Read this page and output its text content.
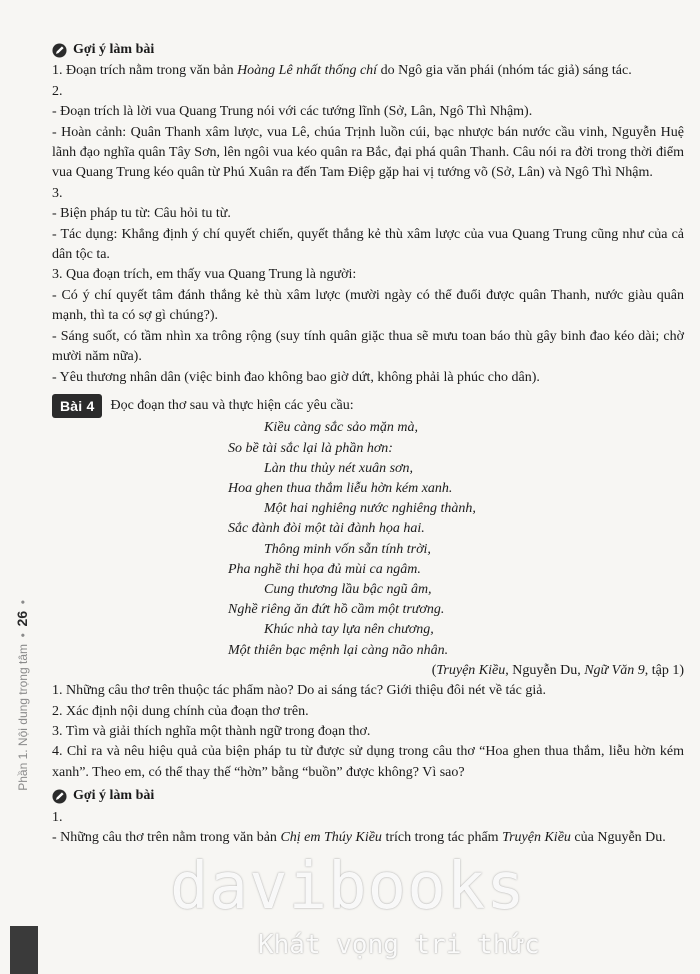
Gợi ý làm bài

1. Đoạn trích nằm trong văn bản Hoàng Lê nhất thống chí do Ngô gia văn phái (nhóm tác giả) sáng tác.

2.

- Đoạn trích là lời vua Quang Trung nói với các tướng lĩnh (Sở, Lân, Ngô Thì Nhậm).

- Hoàn cảnh: Quân Thanh xâm lược, vua Lê, chúa Trịnh luồn cúi, bạc nhược bán nước cầu vinh, Nguyễn Huệ lãnh đạo nghĩa quân Tây Sơn, lên ngôi vua kéo quân ra Bắc, đại phá quân Thanh. Câu nói ra đời trong thời điểm vua Quang Trung kéo quân từ Phú Xuân ra đến Tam Điệp gặp hai vị tướng võ (Sở, Lân) và Ngô Thì Nhậm.

3.

- Biện pháp tu từ: Câu hỏi tu từ.

- Tác dụng: Khẳng định ý chí quyết chiến, quyết thắng kẻ thù xâm lược của vua Quang Trung cũng như của cả dân tộc ta.

3. Qua đoạn trích, em thấy vua Quang Trung là người:

- Có ý chí quyết tâm đánh thắng kẻ thù xâm lược (mười ngày có thể đuổi được quân Thanh, nước giàu quân mạnh, thì ta có sợ gì chúng?).

- Sáng suốt, có tầm nhìn xa trông rộng (suy tính quân giặc thua sẽ mưu toan báo thù gây binh đao kéo dài; chờ mười năm nữa).

- Yêu thương nhân dân (việc binh đao không bao giờ dứt, không phải là phúc cho dân).

Bài 4	Đọc đoạn thơ sau và thực hiện các yêu cầu:
Kiều càng sắc sảo mặn mà,
So bề tài sắc lại là phần hơn:
Làn thu thủy nét xuân sơn,
Hoa ghen thua thắm liễu hờn kém xanh.
Một hai nghiêng nước nghiêng thành,
Sắc đành đòi một tài đành họa hai.
Thông minh vốn sẵn tính trời,
Pha nghề thi họa đủ mùi ca ngâm.
Cung thương lầu bậc ngũ âm,
Nghề riêng ăn đứt hồ cầm một trương.
Khúc nhà tay lựa nên chương,
Một thiên bạc mệnh lại càng não nhân.

(Truyện Kiều, Nguyễn Du, Ngữ Văn 9, tập 1)

1. Những câu thơ trên thuộc tác phẩm nào? Do ai sáng tác? Giới thiệu đôi nét về tác giả.

2. Xác định nội dung chính của đoạn thơ trên.

3. Tìm và giải thích nghĩa một thành ngữ trong đoạn thơ.

4. Chỉ ra và nêu hiệu quả của biện pháp tu từ được sử dụng trong câu thơ “Hoa ghen thua thắm, liễu hờn kém xanh”. Theo em, có thể thay thế “hờn” bằng “buồn” được không? Vì sao?

Gợi ý làm bài

1.

- Những câu thơ trên nằm trong văn bản Chị em Thúy Kiều trích trong tác phẩm Truyện Kiều của Nguyễn Du.

Phần 1. Nội dung trọng tâm  •  26  •
davibooks
Khát vọng tri thức
